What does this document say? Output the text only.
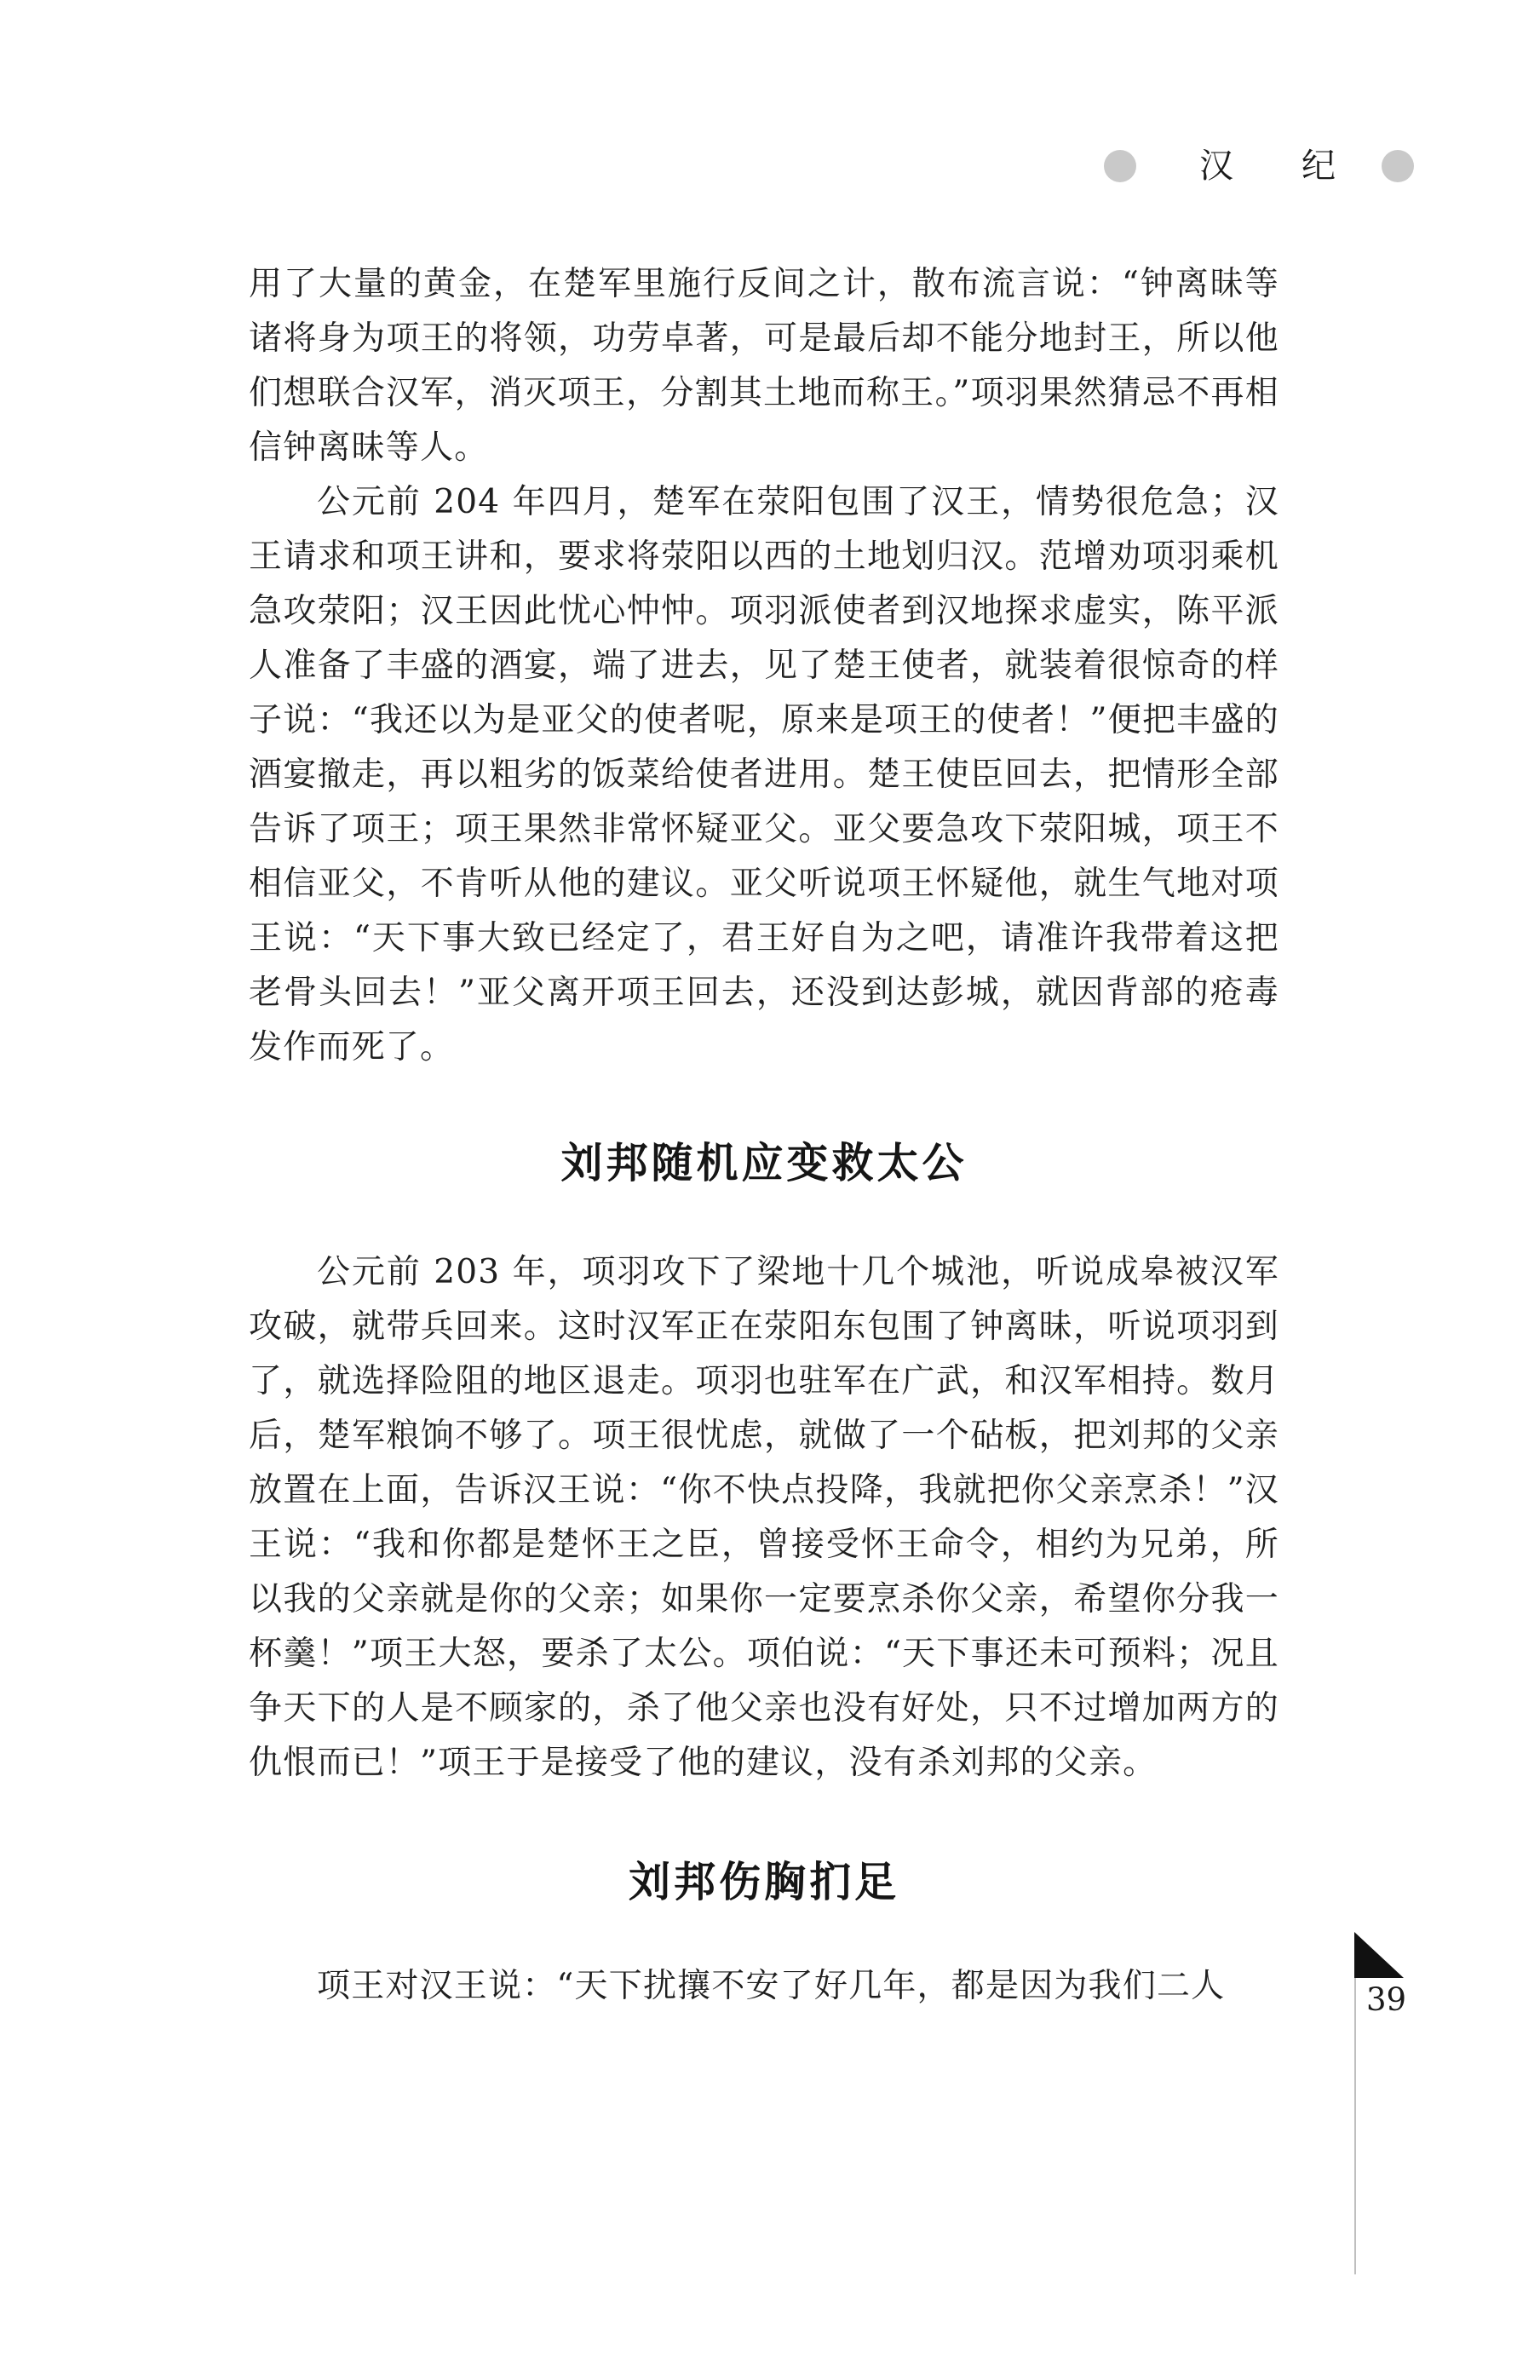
汉 纪

用了大量的黄金，在楚军里施行反间之计，散布流言说：“钟离昧等诸将身为项王的将领，功劳卓著，可是最后却不能分地封王，所以他们想联合汉军，消灭项王，分割其土地而称王。”项羽果然猜忌不再相信钟离昧等人。

公元前 204 年四月，楚军在荥阳包围了汉王，情势很危急；汉王请求和项王讲和，要求将荥阳以西的土地划归汉。范增劝项羽乘机急攻荥阳；汉王因此忧心忡忡。项羽派使者到汉地探求虚实，陈平派人准备了丰盛的酒宴，端了进去，见了楚王使者，就装着很惊奇的样子说：“我还以为是亚父的使者呢，原来是项王的使者！”便把丰盛的酒宴撤走，再以粗劣的饭菜给使者进用。楚王使臣回去，把情形全部告诉了项王；项王果然非常怀疑亚父。亚父要急攻下荥阳城，项王不相信亚父，不肯听从他的建议。亚父听说项王怀疑他，就生气地对项王说：“天下事大致已经定了，君王好自为之吧，请准许我带着这把老骨头回去！”亚父离开项王回去，还没到达彭城，就因背部的疮毒发作而死了。

刘邦随机应变救太公

公元前 203 年，项羽攻下了梁地十几个城池，听说成皋被汉军攻破，就带兵回来。这时汉军正在荥阳东包围了钟离昧，听说项羽到了，就选择险阻的地区退走。项羽也驻军在广武，和汉军相持。数月后，楚军粮饷不够了。项王很忧虑，就做了一个砧板，把刘邦的父亲放置在上面，告诉汉王说：“你不快点投降，我就把你父亲烹杀！”汉王说：“我和你都是楚怀王之臣，曾接受怀王命令，相约为兄弟，所以我的父亲就是你的父亲；如果你一定要烹杀你父亲，希望你分我一杯羹！”项王大怒，要杀了太公。项伯说：“天下事还未可预料；况且争天下的人是不顾家的，杀了他父亲也没有好处，只不过增加两方的仇恨而已！”项王于是接受了他的建议，没有杀刘邦的父亲。

刘邦伤胸扪足

项王对汉王说：“天下扰攘不安了好几年，都是因为我们二人	39
